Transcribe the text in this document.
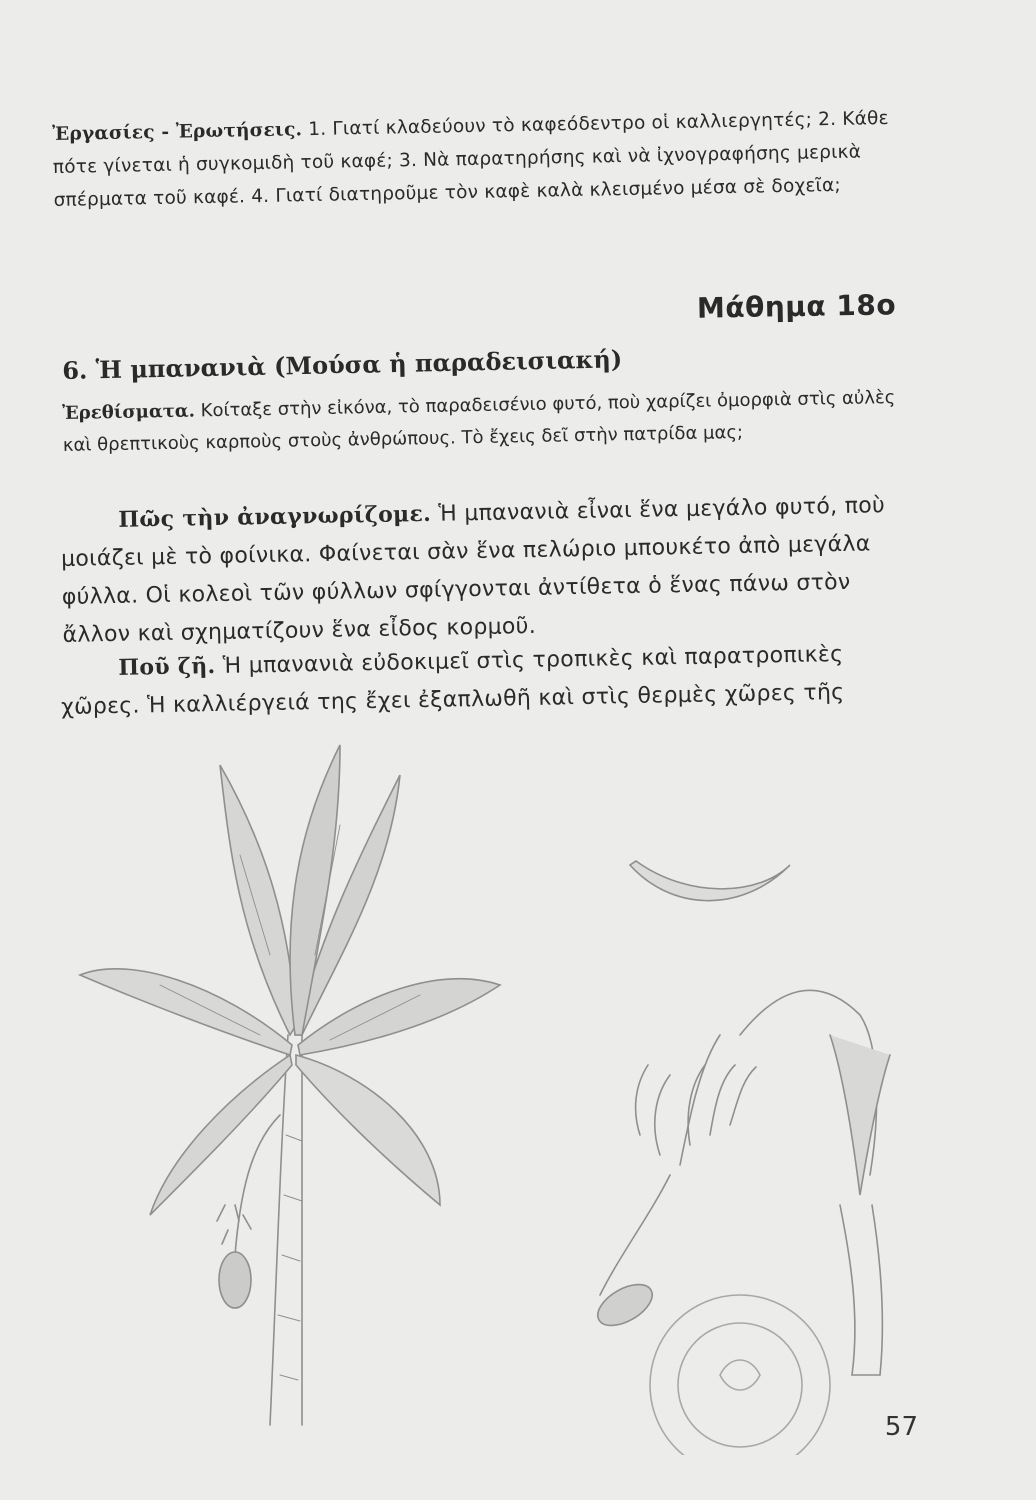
Ἐργασίες - Ἐρωτήσεις. 1. Γιατί κλαδεύουν τὸ καφεόδεντρο οἱ καλλιεργητές; 2. Κάθε πότε γίνεται ἡ συγκομιδὴ τοῦ καφέ; 3. Νὰ παρατηρήσης καὶ νὰ ἰχνογραφήσης μερικὰ σπέρματα τοῦ καφέ. 4. Γιατί διατηροῦμε τὸν καφὲ καλὰ κλεισμένο μέσα σὲ δοχεῖα;
Μάθημα 18ο
6. Ἡ μπανανιὰ (Μούσα ἡ παραδεισιακή)
Ἐρεθίσματα. Κοίταξε στὴν εἰκόνα, τὸ παραδεισένιο φυτό, ποὺ χαρίζει ὀμορφιὰ στὶς αὐλὲς καὶ θρεπτικοὺς καρποὺς στοὺς ἀνθρώπους. Τὸ ἔχεις δεῖ στὴν πατρίδα μας;
Πῶς τὴν ἀναγνωρίζομε. Ἡ μπανανιὰ εἶναι ἕνα μεγάλο φυτό, ποὺ μοιάζει μὲ τὸ φοίνικα. Φαίνεται σὰν ἕνα πελώριο μπουκέτο ἀπὸ μεγάλα φύλλα. Οἱ κολεοὶ τῶν φύλλων σφίγγονται ἀντίθετα ὁ ἕνας πάνω στὸν ἄλλον καὶ σχηματίζουν ἕνα εἶδος κορμοῦ.
Ποῦ ζῆ. Ἡ μπανανιὰ εὐδοκιμεῖ στὶς τροπικὲς καὶ παρατροπικὲς χῶρες. Ἡ καλλιέργειά της ἔχει ἐξαπλωθῆ καὶ στὶς θερμὲς χῶρες τῆς
57
